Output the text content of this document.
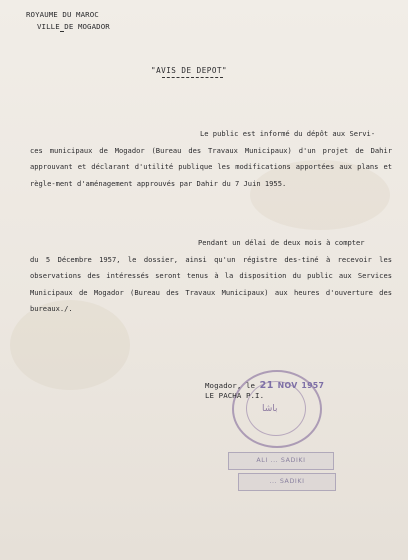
ROYAUME DU MAROC
VILLE DE MOGADOR
"AVIS DE DEPOT"

Le public est informé du dépôt aux Servi-

ces municipaux de Mogador (Bureau des Travaux Municipaux) d'un projet de Dahir approuvant et déclarant d'utilité publique les modifications apportées aux plans et règle-ment d'aménagement approuvés par Dahir du 7 Juin 1955.

Pendant un délai de deux mois à compter

du 5 Décembre 1957, le dossier, ainsi qu'un régistre des-tiné à recevoir les observations des intéressés seront tenus à la disposition du public aux Services Municipaux de Mogador (Bureau des Travaux Municipaux) aux heures d'ouverture des bureaux./.

باشا
Mogador, le 21 NOV 1957
LE PACHA P.I.
ALI ... SADIKI
... SADIKI
